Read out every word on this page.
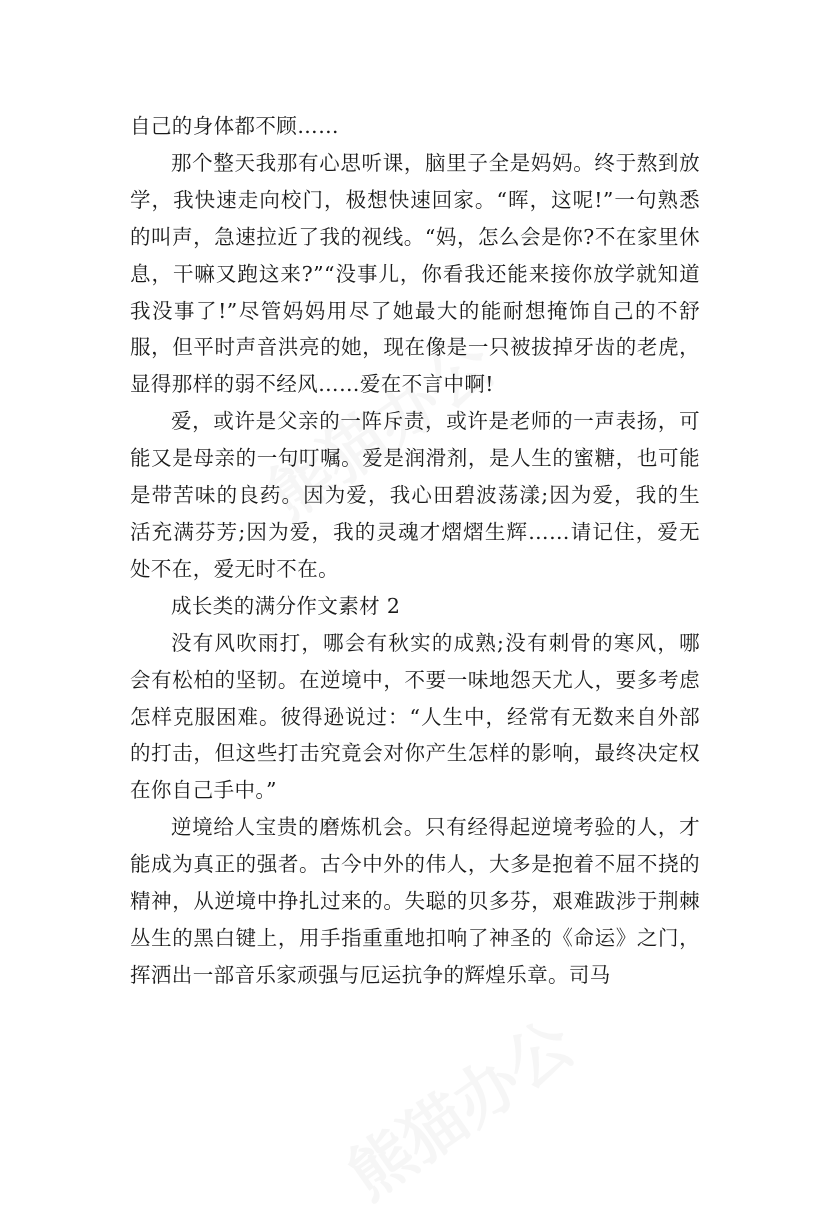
自己的身体都不顾……

那个整天我那有心思听课，脑里子全是妈妈。终于熬到放学，我快速走向校门，极想快速回家。“晖，这呢!”一句熟悉的叫声，急速拉近了我的视线。“妈，怎么会是你?不在家里休息，干嘛又跑这来?”“没事儿，你看我还能来接你放学就知道我没事了!”尽管妈妈用尽了她最大的能耐想掩饰自己的不舒服，但平时声音洪亮的她，现在像是一只被拔掉牙齿的老虎，显得那样的弱不经风……爱在不言中啊!

爱，或许是父亲的一阵斥责，或许是老师的一声表扬，可能又是母亲的一句叮嘱。爱是润滑剂，是人生的蜜糖，也可能是带苦味的良药。因为爱，我心田碧波荡漾;因为爱，我的生活充满芬芳;因为爱，我的灵魂才熠熠生辉……请记住，爱无处不在，爱无时不在。

成长类的满分作文素材 2

没有风吹雨打，哪会有秋实的成熟;没有刺骨的寒风，哪会有松柏的坚韧。在逆境中，不要一味地怨天尤人，要多考虑怎样克服困难。彼得逊说过：“人生中，经常有无数来自外部的打击，但这些打击究竟会对你产生怎样的影响，最终决定权在你自己手中。”

逆境给人宝贵的磨炼机会。只有经得起逆境考验的人，才能成为真正的强者。古今中外的伟人，大多是抱着不屈不挠的精神，从逆境中挣扎过来的。失聪的贝多芬，艰难跋涉于荆棘丛生的黑白键上，用手指重重地扣响了神圣的《命运》之门，挥洒出一部音乐家顽强与厄运抗争的辉煌乐章。司马
